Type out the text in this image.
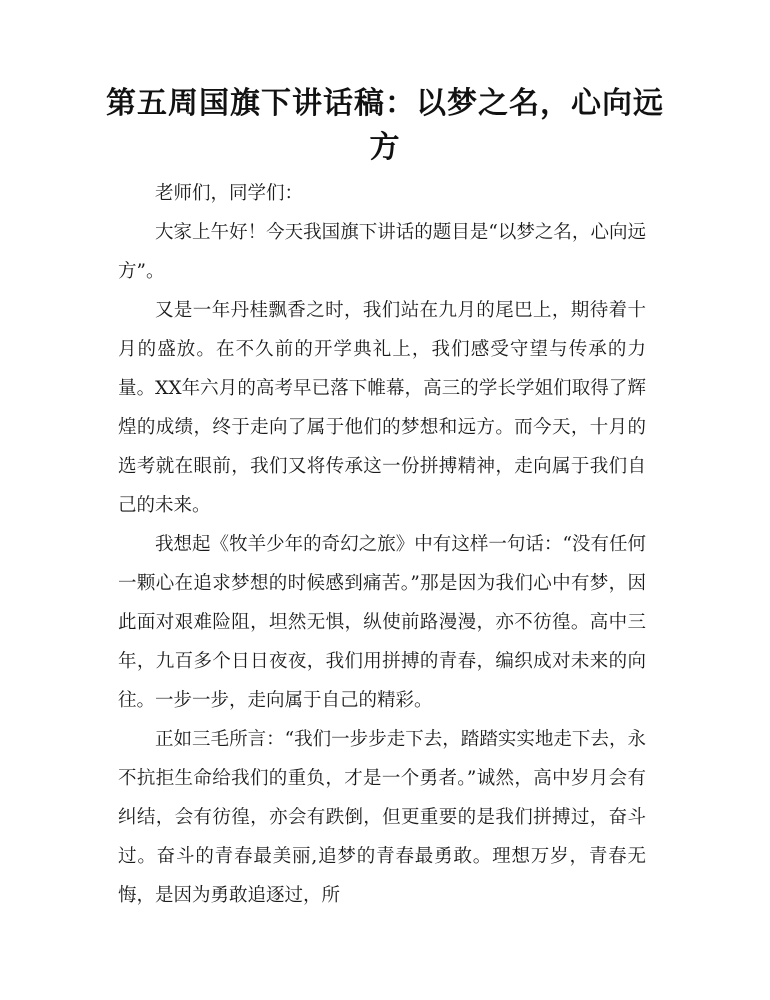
第五周国旗下讲话稿：以梦之名，心向远方

老师们，同学们：

大家上午好！今天我国旗下讲话的题目是“以梦之名，心向远方”。

又是一年丹桂飘香之时，我们站在九月的尾巴上，期待着十月的盛放。在不久前的开学典礼上，我们感受守望与传承的力量。XX年六月的高考早已落下帷幕，高三的学长学姐们取得了辉煌的成绩，终于走向了属于他们的梦想和远方。而今天，十月的选考就在眼前，我们又将传承这一份拼搏精神，走向属于我们自己的未来。

我想起《牧羊少年的奇幻之旅》中有这样一句话：“没有任何一颗心在追求梦想的时候感到痛苦。”那是因为我们心中有梦，因此面对艰难险阻，坦然无惧，纵使前路漫漫，亦不彷徨。高中三年，九百多个日日夜夜，我们用拼搏的青春，编织成对未来的向往。一步一步，走向属于自己的精彩。

正如三毛所言：“我们一步步走下去，踏踏实实地走下去，永不抗拒生命给我们的重负，才是一个勇者。”诚然，高中岁月会有纠结，会有彷徨，亦会有跌倒，但更重要的是我们拼搏过，奋斗过。奋斗的青春最美丽,追梦的青春最勇敢。理想万岁，青春无悔，是因为勇敢追逐过，所
